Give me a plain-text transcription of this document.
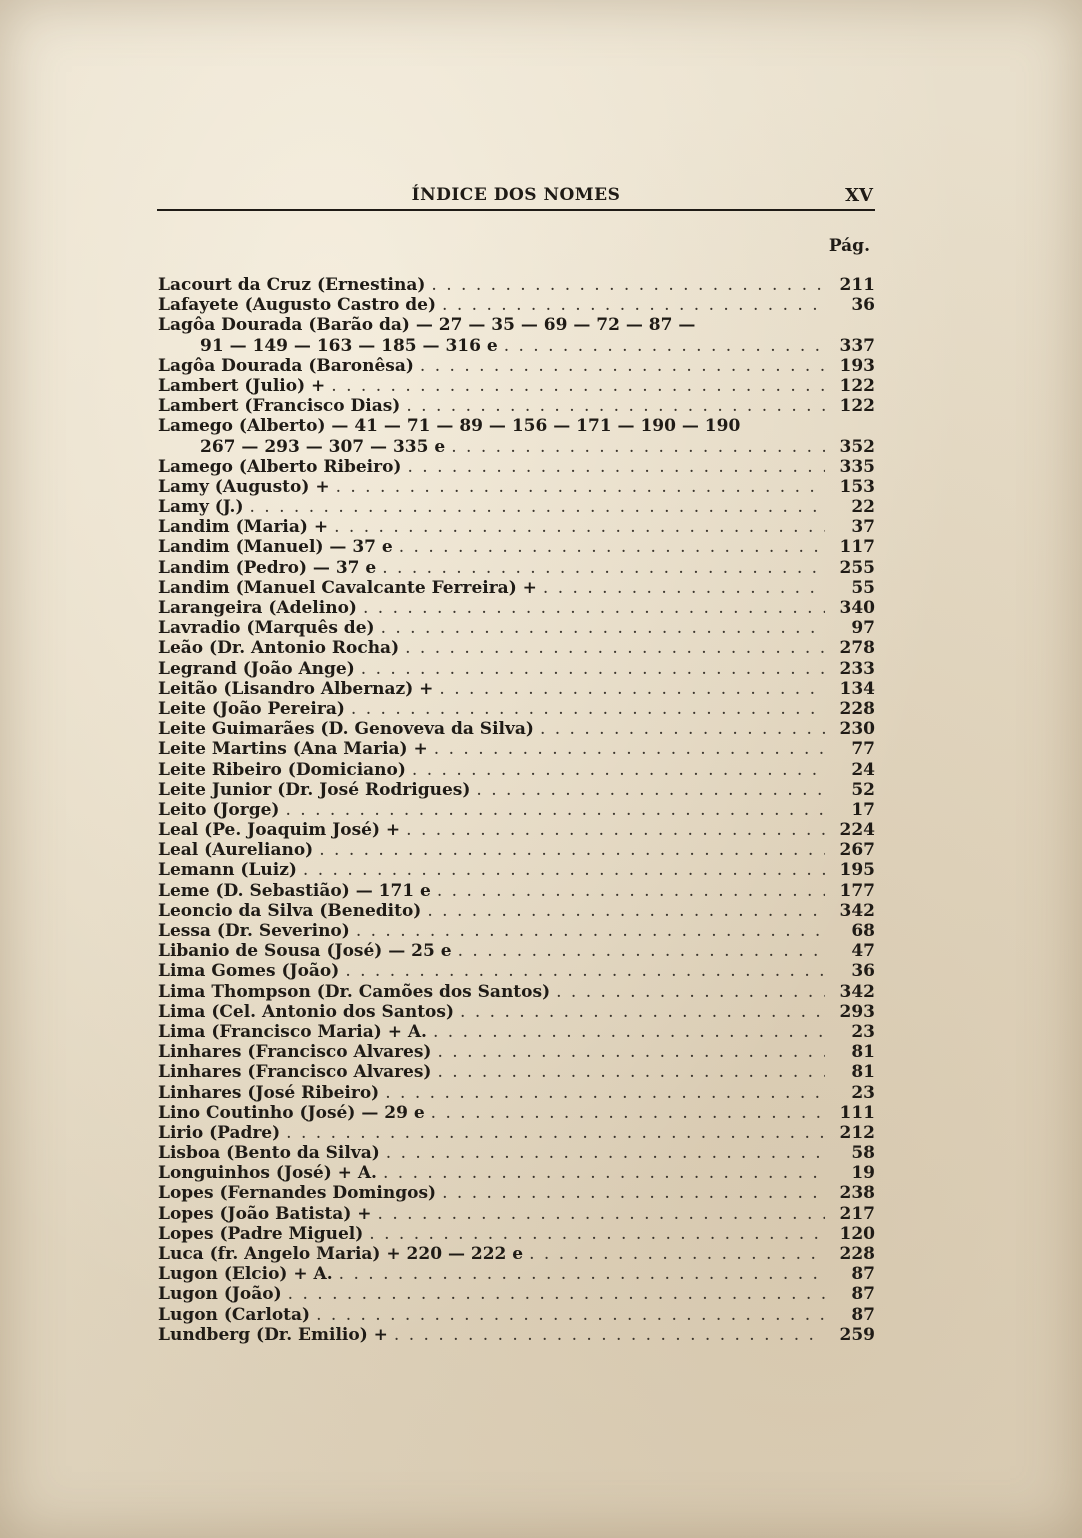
ÍNDICE DOS NOMES	XV
Pág.
Lacourt da Cruz (Ernestina) . . .	211
Lafayete (Augusto Castro de) . . .	36
Lagôa Dourada (Barão da) — 27 — 35 — 69 — 72 — 87 —
91 — 149 — 163 — 185 — 316 e . . .	337
Lagôa Dourada (Baronêsa) . . .	193
Lambert (Julio) + . . .	122
Lambert (Francisco Dias) . . .	122
Lamego (Alberto) — 41 — 71 — 89 — 156 — 171 — 190 — 190
267 — 293 — 307 — 335 e . . .	352
Lamego (Alberto Ribeiro) . . .	335
Lamy (Augusto) + . . .	153
Lamy (J.) . . .	22
Landim (Maria) + . . .	37
Landim (Manuel) — 37 e . . .	117
Landim (Pedro) — 37 e . . .	255
Landim (Manuel Cavalcante Ferreira) + . . .	55
Larangeira (Adelino) . . .	340
Lavradio (Marquês de) . . .	97
Leão (Dr. Antonio Rocha) . . .	278
Legrand (João Ange) . . .	233
Leitão (Lisandro Albernaz) + . . .	134
Leite (João Pereira) . . .	228
Leite Guimarães (D. Genoveva da Silva) . . .	230
Leite Martins (Ana Maria) + . . .	77
Leite Ribeiro (Domiciano) . . .	24
Leite Junior (Dr. José Rodrigues) . . .	52
Leito (Jorge) . . .	17
Leal (Pe. Joaquim José) + . . .	224
Leal (Aureliano) . . .	267
Lemann (Luiz) . . .	195
Leme (D. Sebastião) — 171 e . . .	177
Leoncio da Silva (Benedito) . . .	342
Lessa (Dr. Severino) . . .	68
Libanio de Sousa (José) — 25 e . . .	47
Lima Gomes (João) . . .	36
Lima Thompson (Dr. Camões dos Santos) . . .	342
Lima (Cel. Antonio dos Santos) . . .	293
Lima (Francisco Maria) + A. . . .	23
Linhares (Francisco Alvares) . . .	81
Linhares (Francisco Alvares) . . .	81
Linhares (José Ribeiro) . . .	23
Lino Coutinho (José) — 29 e . . .	111
Lirio (Padre) . . .	212
Lisboa (Bento da Silva) . . .	58
Longuinhos (José) + A. . . .	19
Lopes (Fernandes Domingos) . . .	238
Lopes (João Batista) + . . .	217
Lopes (Padre Miguel) . . .	120
Luca (fr. Angelo Maria) + 220 — 222 e . . .	228
Lugon (Elcio) + A. . . .	87
Lugon (João) . . .	87
Lugon (Carlota) . . .	87
Lundberg (Dr. Emilio) + . . .	259
